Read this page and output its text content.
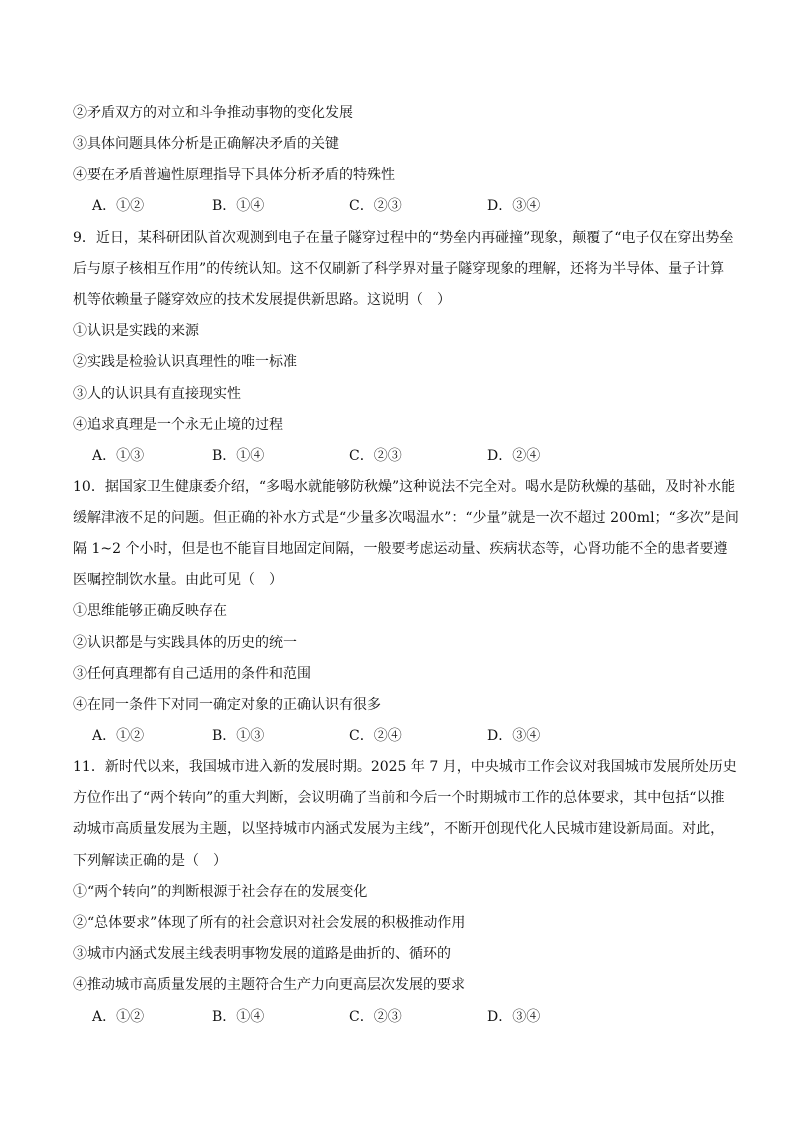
②矛盾双方的对立和斗争推动事物的变化发展
③具体问题具体分析是正确解决矛盾的关键
④要在矛盾普遍性原理指导下具体分析矛盾的特殊性
A．①②	B．①④	C．②③	D．③④
9．近日，某科研团队首次观测到电子在量子隧穿过程中的“势垒内再碰撞”现象，颠覆了“电子仅在穿出势垒
后与原子核相互作用”的传统认知。这不仅刷新了科学界对量子隧穿现象的理解，还将为半导体、量子计算
机等依赖量子隧穿效应的技术发展提供新思路。这说明（　）
①认识是实践的来源
②实践是检验认识真理性的唯一标准
③人的认识具有直接现实性
④追求真理是一个永无止境的过程
A．①③	B．①④	C．②③	D．②④
10．据国家卫生健康委介绍，“多喝水就能够防秋燥”这种说法不完全对。喝水是防秋燥的基础，及时补水能
缓解津液不足的问题。但正确的补水方式是“少量多次喝温水”：“少量”就是一次不超过 200ml；“多次”是间
隔 1~2 个小时，但是也不能盲目地固定间隔，一般要考虑运动量、疾病状态等，心肾功能不全的患者要遵
医嘱控制饮水量。由此可见（　）
①思维能够正确反映存在
②认识都是与实践具体的历史的统一
③任何真理都有自己适用的条件和范围
④在同一条件下对同一确定对象的正确认识有很多
A．①②	B．①③	C．②④	D．③④
11．新时代以来，我国城市进入新的发展时期。2025 年 7 月，中央城市工作会议对我国城市发展所处历史
方位作出了“两个转向”的重大判断，会议明确了当前和今后一个时期城市工作的总体要求，其中包括“以推
动城市高质量发展为主题，以坚持城市内涵式发展为主线”，不断开创现代化人民城市建设新局面。对此，
下列解读正确的是（　）
①“两个转向”的判断根源于社会存在的发展变化
②“总体要求”体现了所有的社会意识对社会发展的积极推动作用
③城市内涵式发展主线表明事物发展的道路是曲折的、循环的
④推动城市高质量发展的主题符合生产力向更高层次发展的要求
A．①②	B．①④	C．②③	D．③④
